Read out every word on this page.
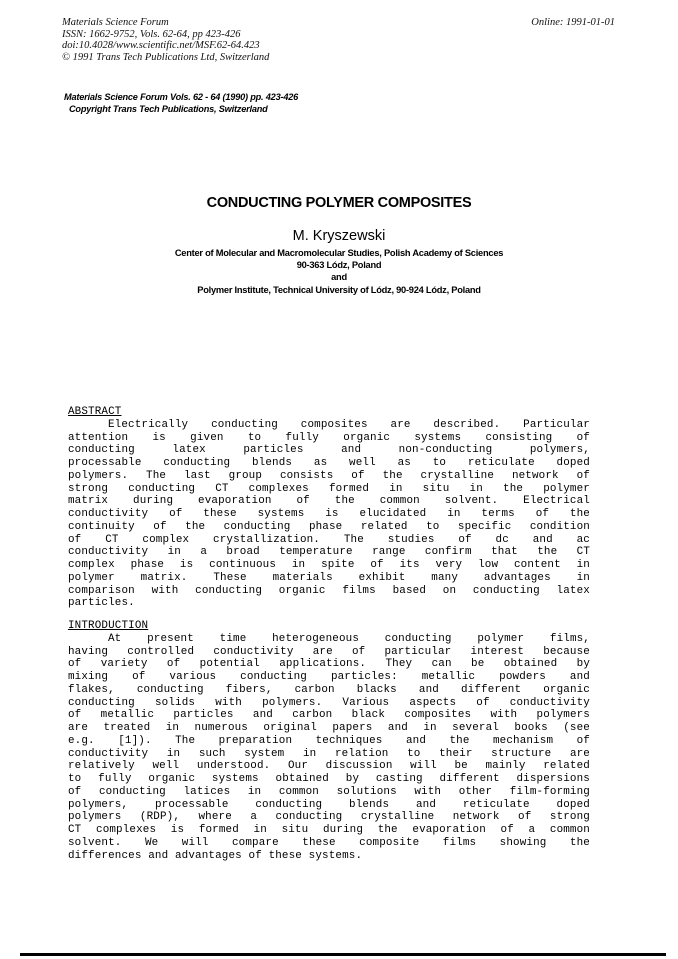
Materials Science Forum
ISSN: 1662-9752, Vols. 62-64, pp 423-426
doi:10.4028/www.scientific.net/MSF.62-64.423
© 1991 Trans Tech Publications Ltd, Switzerland
Online: 1991-01-01
Materials Science Forum Vols. 62 - 64 (1990) pp. 423-426
Copyright Trans Tech Publications, Switzerland
CONDUCTING POLYMER COMPOSITES
M. Kryszewski
Center of Molecular and Macromolecular Studies, Polish Academy of Sciences
90-363 Lódz, Poland
and
Polymer Institute, Technical University of Lódz, 90-924 Lódz, Poland
ABSTRACT
Electrically conducting composites are described. Particular
attention is given to fully organic systems consisting of
conducting latex particles and non-conducting polymers,
processable conducting blends as well as to reticulate doped
polymers. The last group consists of the crystalline network of
strong conducting CT complexes formed in situ in the polymer
matrix during evaporation of the common solvent. Electrical
conductivity of these systems is elucidated in terms of the
continuity of the conducting phase related to specific condition
of CT complex crystallization. The studies of dc and ac
conductivity in a broad temperature range confirm that the CT
complex phase is continuous in spite of its very low content in
polymer matrix. These materials exhibit many advantages in
comparison with conducting organic films based on conducting latex
particles.
INTRODUCTION
At present time heterogeneous conducting polymer films,
having controlled conductivity are of particular interest because
of variety of potential applications. They can be obtained by
mixing of various conducting particles: metallic powders and
flakes, conducting fibers, carbon blacks and different organic
conducting solids with polymers. Various aspects of conductivity
of metallic particles and carbon black composites with polymers
are treated in numerous original papers and in several books (see
e.g. [1]). The preparation techniques and the mechanism of
conductivity in such system in relation to their structure are
relatively well understood. Our discussion will be mainly related
to fully organic systems obtained by casting different dispersions
of conducting latices in common solutions with other film-forming
polymers, processable conducting blends and reticulate doped
polymers (RDP), where a conducting crystalline network of strong
CT complexes is formed in situ during the evaporation of a common
solvent. We will compare these composite films showing the
differences and advantages of these systems.
